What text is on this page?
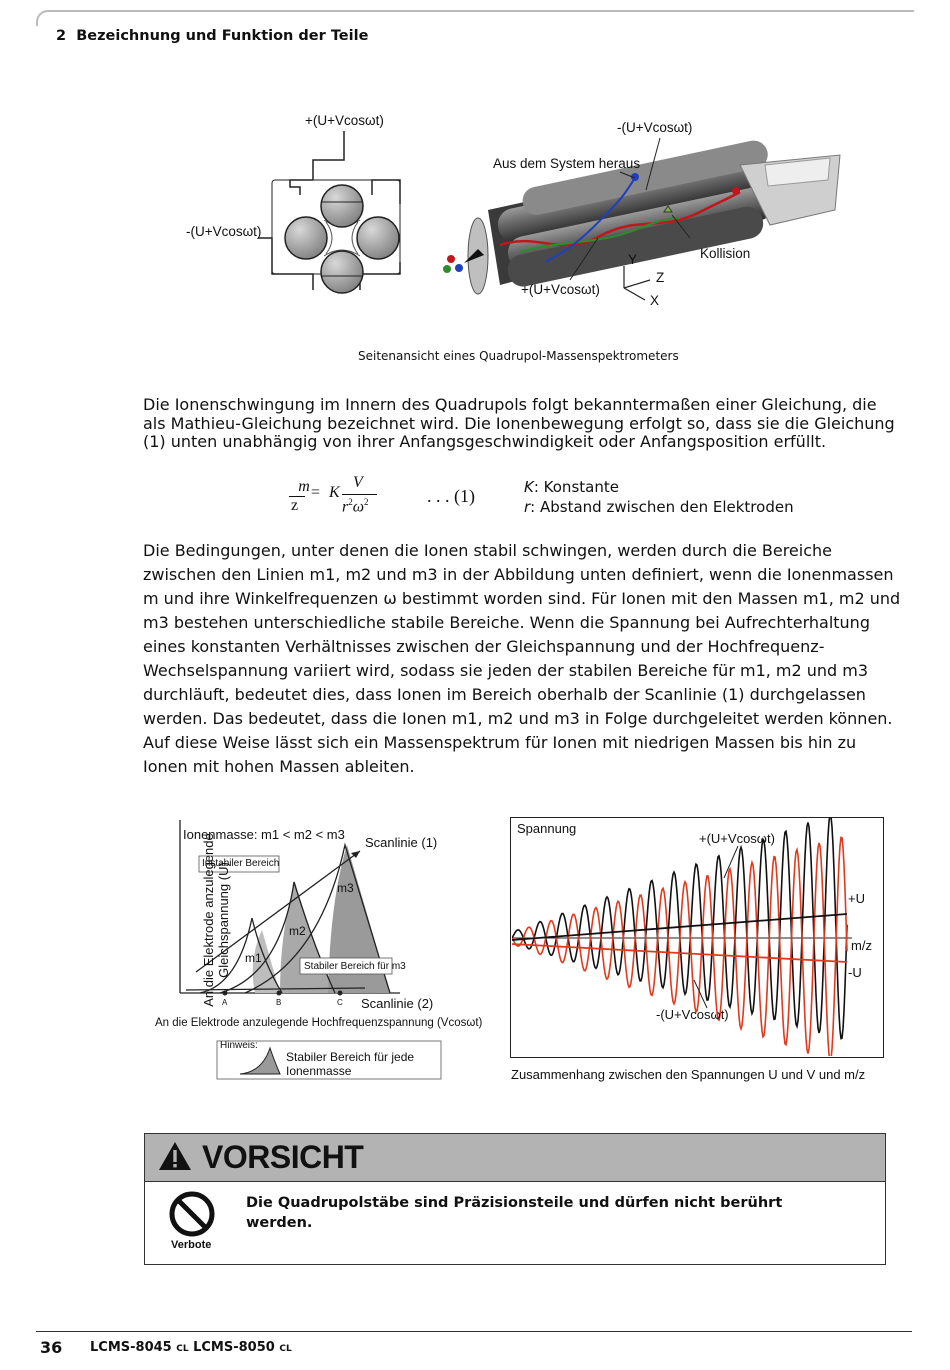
2 Bezeichnung und Funktion der Teile
+(U+Vcosωt)
-(U+Vcosωt)
-(U+Vcosωt)
Aus dem System heraus
Kollision
+(U+Vcosωt)
Y
Z
X
Seitenansicht eines Quadrupol-Massenspektrometers
Die Ionenschwingung im Innern des Quadrupols folgt bekanntermaßen einer Gleichung, die als Mathieu-Gleichung bezeichnet wird. Die Ionenbewegung erfolgt so, dass sie die Gleichung (1) unten unabhängig von ihrer Anfangsgeschwindigkeit oder Anfangsposition erfüllt.
m
z
= K
V
$r^2\omega^2$	. . . (1)	K: Konstante
r: Abstand zwischen den Elektroden
Die Bedingungen, unter denen die Ionen stabil schwingen, werden durch die Bereiche zwischen den Linien m1, m2 und m3 in der Abbildung unten definiert, wenn die Ionenmassen m und ihre Winkelfrequenzen ω bestimmt worden sind. Für Ionen mit den Massen m1, m2 und m3 bestehen unterschiedliche stabile Bereiche. Wenn die Spannung bei Aufrechterhaltung eines konstanten Verhältnisses zwischen der Gleichspannung und der Hochfrequenz-Wechselspannung variiert wird, sodass sie jeden der stabilen Bereiche für m1, m2 und m3 durchläuft, bedeutet dies, dass Ionen im Bereich oberhalb der Scanlinie (1) durchgelassen werden. Das bedeutet, dass die Ionen m1, m2 und m3 in Folge durchgeleitet werden können. Auf diese Weise lässt sich ein Massenspektrum für Ionen mit niedrigen Massen bis hin zu Ionen mit hohen Massen ableiten.
An die Elektrode anzulegende Gleichspannung (U)
Ionenmasse: m1 < m2 < m3
Scanlinie (1)
Instabiler Bereich
Stabiler Bereich für m3
m1
m2
m3
A	B	C Scanlinie (2)
An die Elektrode anzulegende Hochfrequenzspannung (Vcosωt)
Hinweis:
Stabiler Bereich für jede
Ionenmasse
Spannung
+(U+Vcosωt)
+U
m/z
-U
-(U+Vcosωt)
Zusammenhang zwischen den Spannungen U und V und m/z
VORSICHT
Verbote
Die Quadrupolstäbe sind Präzisionsteile und dürfen nicht berührt werden.
36 LCMS-8045 CL LCMS-8050 CL
